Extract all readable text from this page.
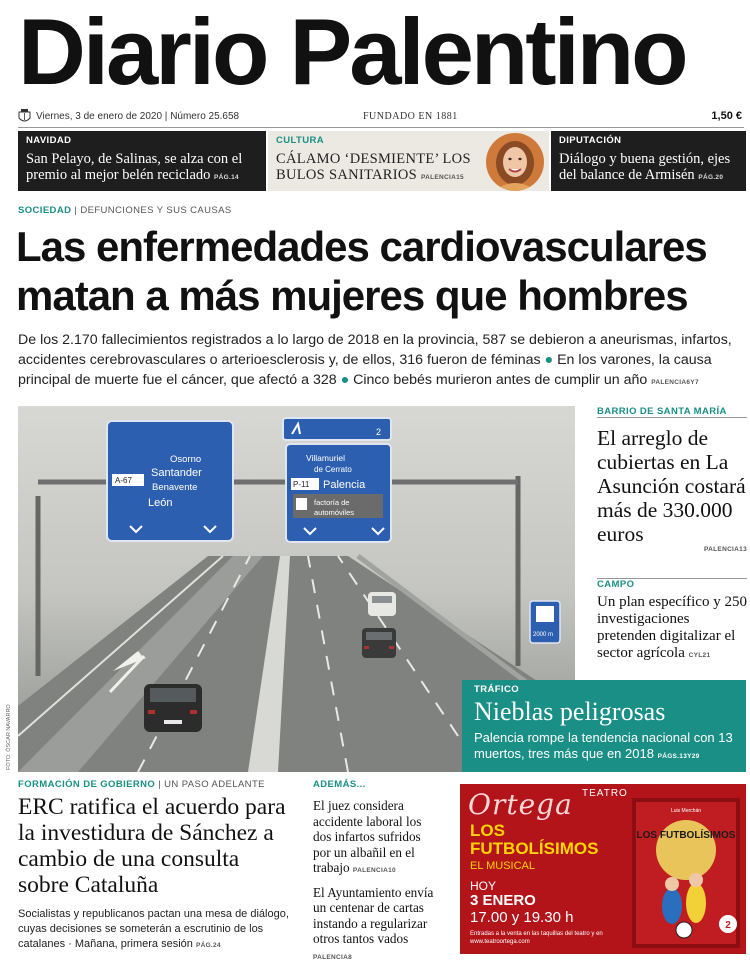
Diario Palentino
Viernes, 3 de enero de 2020 | Número 25.658	FUNDADO EN 1881	1,50 €
NAVIDAD
San Pelayo, de Salinas, se alza con el premio al mejor belén reciclado PÁG.14
CULTURA
CÁLAMO ‘DESMIENTE’ LOS BULOS SANITARIOS PALENCIA15
DIPUTACIÓN
Diálogo y buena gestión, ejes del balance de Armisén PÁG.20
SOCIEDAD | DEFUNCIONES Y SUS CAUSAS
Las enfermedades cardiovasculares matan a más mujeres que hombres

De los 2.170 fallecimientos registrados a lo largo de 2018 en la provincia, 587 se debieron a aneurismas, infartos, accidentes cerebrovasculares o arterioesclerosis y, de ellos, 316 fueron de féminas ● En los varones, la causa principal de muerte fue el cáncer, que afectó a 328 ● Cinco bebés murieron antes de cumplir un año PALENCIA6Y7

Osorno
Santander
Benavente
León
A-67
2
Villamuriel
de Cerrato
P-11 Palencia
factoría de
automóviles
2000 m
FOTO: ÓSCAR NAVARRO
TRÁFICO
Nieblas peligrosas
Palencia rompe la tendencia nacional con 13 muertos, tres más que en 2018 PÁGS.13Y29
BARRIO DE SANTA MARÍA
El arreglo de cubiertas en La Asunción costará más de 330.000 euros
PALENCIA13
CAMPO
Un plan específico y 250 investigaciones pretenden digitalizar el sector agrícola CYL21
FORMACIÓN DE GOBIERNO | UN PASO ADELANTE
ERC ratifica el acuerdo para la investidura de Sánchez a cambio de una consulta sobre Cataluña
Socialistas y republicanos pactan una mesa de diálogo, cuyas decisiones se someterán a escrutinio de los catalanes · Mañana, primera sesión PÁG.24
ADEMÁS...
El juez considera accidente laboral los dos infartos sufridos por un albañil en el trabajo PALENCIA10
El Ayuntamiento envía un centenar de cartas instando a regularizar otros tantos vados PALENCIA8
Ortega TEATRO
LOS FUTBOLÍSIMOS
EL MUSICAL
HOY
3 ENERO
17.00 y 19.30 h
Entradas a la venta en las taquillas del teatro y en www.teatroortega.com
Luis Merchán
LOS FUTBOLÍSIMOS
2
